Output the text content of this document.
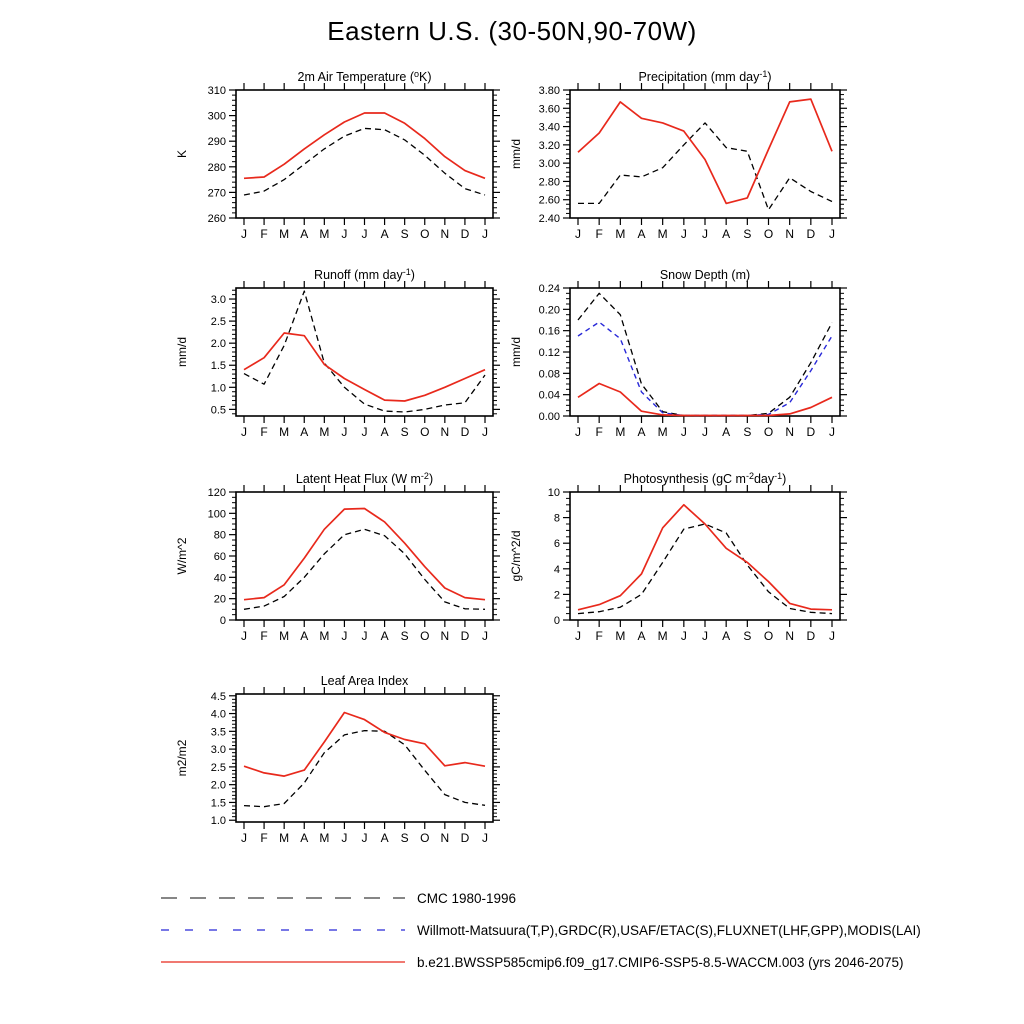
Eastern U.S. (30-50N,90-70W)
2m Air Temperature ($^o$K)
J F M A M J J A S O N D J
260
270
280
290
300
310
K
Precipitation (mm day$^{-1}$)
J F M A M J J A S O N D J
2.40
2.60
2.80
3.00
3.20
3.40
3.60
3.80
mm/d
Runoff (mm day$^{-1}$)
J F M A M J J A S O N D J
0.5
1.0
1.5
2.0
2.5
3.0
mm/d
Snow Depth (m)
J F M A M J J A S O N D J
0.00
0.04
0.08
0.12
0.16
0.20
0.24
mm/d
Latent Heat Flux (W $m^{-2}$)
J F M A M J J A S O N D J
0
20
40
60
80
100
120
W/m^2
Photosynthesis (gC $m^{-2}day^{-1}$)
J F M A M J J A S O N D J
0
2
4
6
8
10
gC/m^2/d
Leaf Area Index
J F M A M J J A S O N D J
1.0
1.5
2.0
2.5
3.0
3.5
4.0
4.5
m2/m2
CMC 1980-1996
Willmott-Matsuura(T,P),GRDC(R),USAF/ETAC(S),FLUXNET(LHF,GPP),MODIS(LAI)
b.e21.BWSSP585cmip6.f09_g17.CMIP6-SSP5-8.5-WACCM.003 (yrs 2046-2075)
